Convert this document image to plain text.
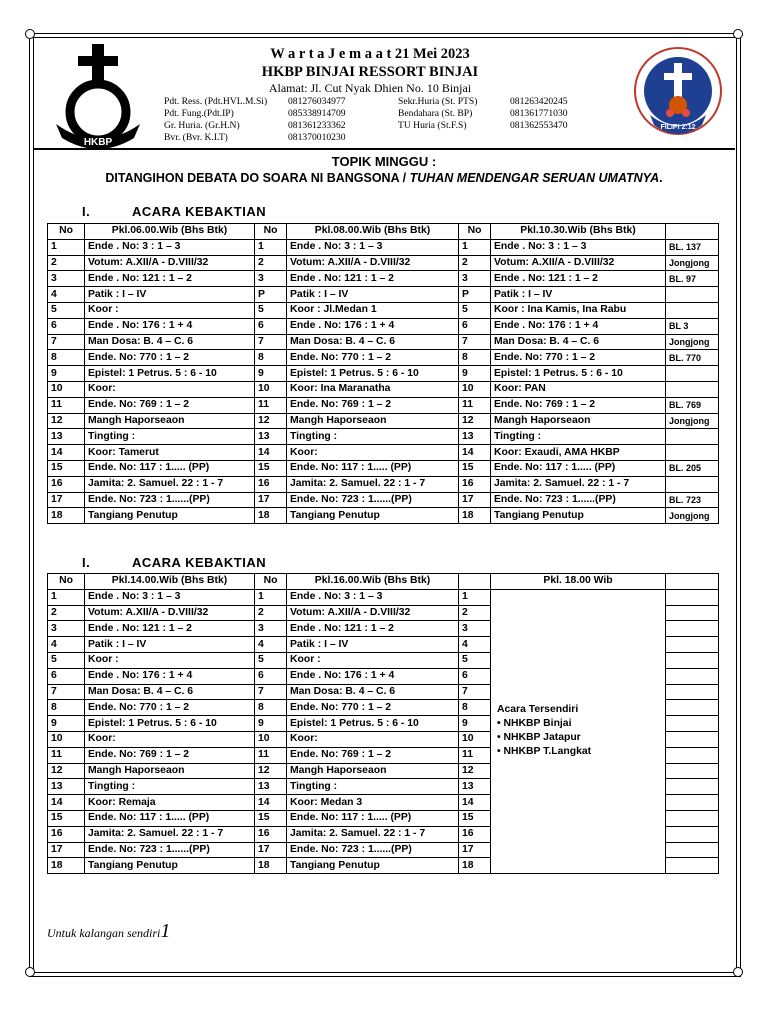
HKBP
FILIPI 2:12
W a r t a J e m a a t 21 Mei 2023
HKBP BINJAI RESSORT BINJAI
Alamat: Jl. Cut Nyak Dhien No. 10 Binjai
Pdt. Ress. (Pdt.HVL.M.Si) 081276034977
Pdt. Fung.(Pdt.IP)	085338914709
Gr. Huria. (Gr.H.N)	081361233362
Bvr. (Bvr. K.LT)	081370010230
Sekr.Huria (St. PTS)	081263420245
Bendahara (St. BP)	081361771030
TU Huria (St.F.S)	081362553470
TOPIK MINGGU :
DITANGIHON DEBATA DO SOARA NI BANGSONA / TUHAN MENDENGAR SERUAN UMATNYA.
I.	ACARA KEBAKTIAN
No	Pkl.06.00.Wib (Bhs Btk)	No	Pkl.08.00.Wib (Bhs Btk)	No	Pkl.10.30.Wib (Bhs Btk)	
1	Ende . No: 3 : 1 – 3	1	Ende . No: 3 : 1 – 3	1	Ende . No: 3 : 1 – 3	BL. 137
2	Votum: A.XII/A - D.VIII/32	2	Votum: A.XII/A - D.VIII/32	2	Votum: A.XII/A - D.VIII/32	Jongjong
3	Ende . No: 121 : 1 – 2	3	Ende . No: 121 : 1 – 2	3	Ende . No: 121 : 1 – 2	BL. 97
4	Patik : I – IV	P	Patik : I – IV	P	Patik : I – IV	
5	Koor :	5	Koor : Jl.Medan 1	5	Koor : Ina Kamis, Ina Rabu	
6	Ende . No: 176 : 1 + 4	6	Ende . No: 176 : 1 + 4	6	Ende . No: 176 : 1 + 4	BL 3
7	Man Dosa: B. 4 – C. 6	7	Man Dosa: B. 4 – C. 6	7	Man Dosa: B. 4 – C. 6	Jongjong
8	Ende. No: 770 : 1 – 2	8	Ende. No: 770 : 1 – 2	8	Ende. No: 770 : 1 – 2	BL. 770
9	Epistel: 1 Petrus. 5 : 6 - 10	9	Epistel: 1 Petrus. 5 : 6 - 10	9	Epistel: 1 Petrus. 5 : 6 - 10	
10	Koor:	10	Koor: Ina Maranatha	10	Koor: PAN	
11	Ende. No: 769 : 1 – 2	11	Ende. No: 769 : 1 – 2	11	Ende. No: 769 : 1 – 2	BL. 769
12	Mangh Haporseaon	12	Mangh Haporseaon	12	Mangh Haporseaon	Jongjong
13	Tingting :	13	Tingting :	13	Tingting :	
14	Koor: Tamerut	14	Koor:	14	Koor: Exaudi, AMA HKBP	
15	Ende. No: 117 : 1..... (PP)	15	Ende. No: 117 : 1..... (PP)	15	Ende. No: 117 : 1..... (PP)	BL. 205
16	Jamita: 2. Samuel. 22 : 1 - 7	16	Jamita: 2. Samuel. 22 : 1 - 7	16	Jamita: 2. Samuel. 22 : 1 - 7	
17	Ende. No: 723 : 1......(PP)	17	Ende. No: 723 : 1......(PP)	17	Ende. No: 723 : 1......(PP)	BL. 723
18	Tangiang Penutup	18	Tangiang Penutup	18	Tangiang Penutup	Jongjong
I.	ACARA KEBAKTIAN
No	Pkl.14.00.Wib (Bhs Btk)	No	Pkl.16.00.Wib (Bhs Btk)		Pkl. 18.00 Wib	
1	Ende . No: 3 : 1 – 3	1	Ende . No: 3 : 1 – 3	1	Acara Tersendiri
• NHKBP Binjai
• NHKBP Jatapur
• NHKBP T.Langkat	

2	Votum: A.XII/A - D.VIII/32	2	Votum: A.XII/A - D.VIII/32	2		
3	Ende . No: 121 : 1 – 2	3	Ende . No: 121 : 1 – 2	3		
4	Patik : I – IV	4	Patik : I – IV	4		
5	Koor :	5	Koor :	5		
6	Ende . No: 176 : 1 + 4	6	Ende . No: 176 : 1 + 4	6		
7	Man Dosa: B. 4 – C. 6	7	Man Dosa: B. 4 – C. 6	7		
8	Ende. No: 770 : 1 – 2	8	Ende. No: 770 : 1 – 2	8		
9	Epistel: 1 Petrus. 5 : 6 - 10	9	Epistel: 1 Petrus. 5 : 6 - 10	9		
10	Koor:	10	Koor:	10		
11	Ende. No: 769 : 1 – 2	11	Ende. No: 769 : 1 – 2	11		
12	Mangh Haporseaon	12	Mangh Haporseaon	12		
13	Tingting :	13	Tingting :	13		
14	Koor: Remaja	14	Koor: Medan 3	14		
15	Ende. No: 117 : 1..... (PP)	15	Ende. No: 117 : 1..... (PP)	15		
16	Jamita: 2. Samuel. 22 : 1 - 7	16	Jamita: 2. Samuel. 22 : 1 - 7	16		
17	Ende. No: 723 : 1......(PP)	17	Ende. No: 723 : 1......(PP)	17		
18	Tangiang Penutup	18	Tangiang Penutup	18		
Untuk kalangan sendiri1
